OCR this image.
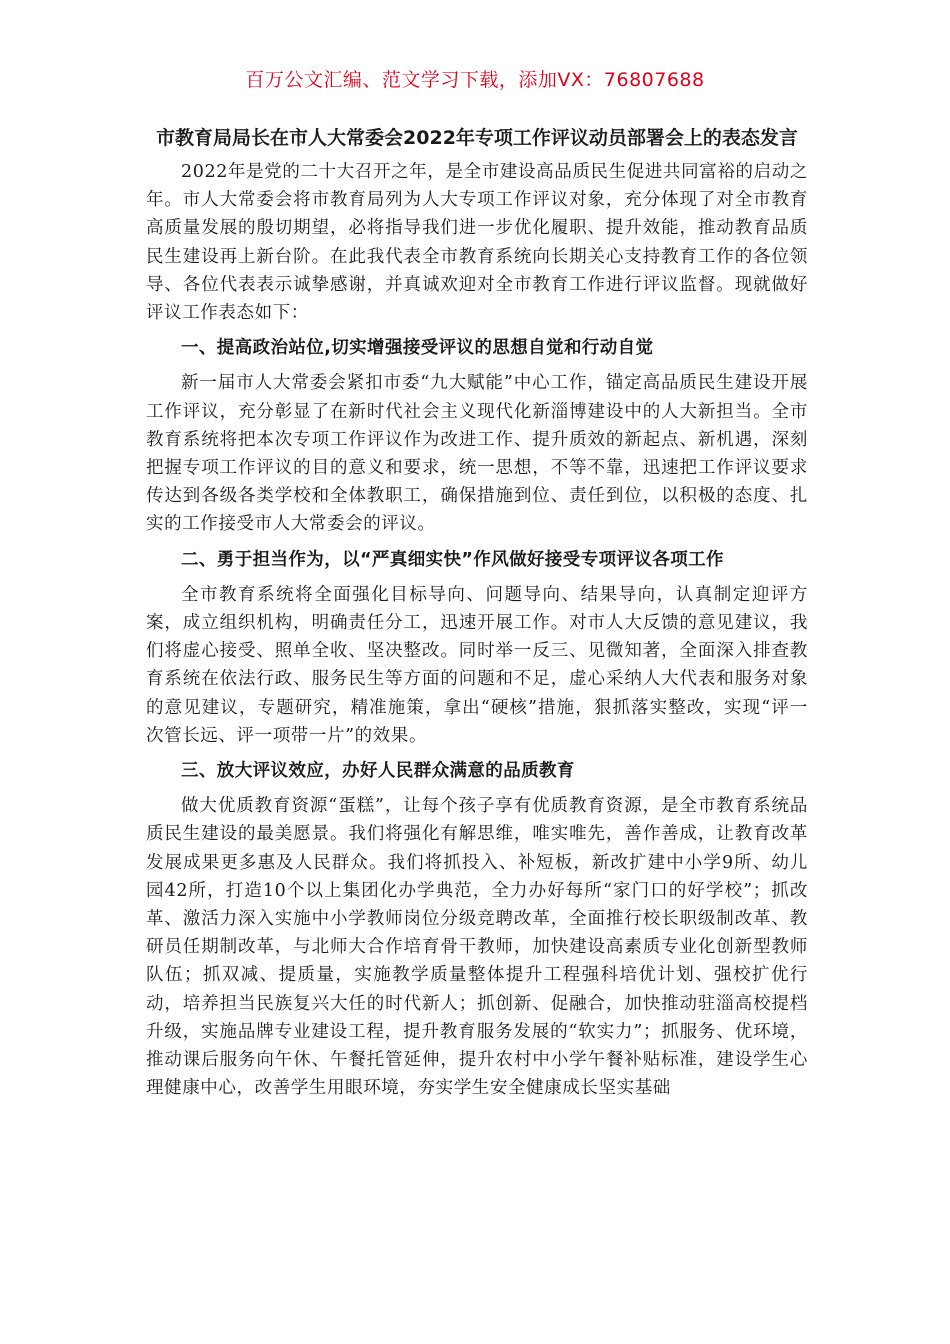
百万公文汇编、范文学习下载，添加VX：76807688
市教育局局长在市人大常委会2022年专项工作评议动员部署会上的表态发言

2022年是党的二十大召开之年，是全市建设高品质民生促进共同富裕的启动之年。市人大常委会将市教育局列为人大专项工作评议对象，充分体现了对全市教育高质量发展的殷切期望，必将指导我们进一步优化履职、提升效能，推动教育品质民生建设再上新台阶。在此我代表全市教育系统向长期关心支持教育工作的各位领导、各位代表表示诚挚感谢，并真诚欢迎对全市教育工作进行评议监督。现就做好评议工作表态如下：

一、提高政治站位,切实增强接受评议的思想自觉和行动自觉

新一届市人大常委会紧扣市委“九大赋能”中心工作，锚定高品质民生建设开展工作评议，充分彰显了在新时代社会主义现代化新淄博建设中的人大新担当。全市教育系统将把本次专项工作评议作为改进工作、提升质效的新起点、新机遇，深刻把握专项工作评议的目的意义和要求，统一思想，不等不靠，迅速把工作评议要求传达到各级各类学校和全体教职工，确保措施到位、责任到位，以积极的态度、扎实的工作接受市人大常委会的评议。

二、勇于担当作为，以“严真细实快”作风做好接受专项评议各项工作

全市教育系统将全面强化目标导向、问题导向、结果导向，认真制定迎评方案，成立组织机构，明确责任分工，迅速开展工作。对市人大反馈的意见建议，我们将虚心接受、照单全收、坚决整改。同时举一反三、见微知著，全面深入排查教育系统在依法行政、服务民生等方面的问题和不足，虚心采纳人大代表和服务对象的意见建议，专题研究，精准施策，拿出“硬核”措施，狠抓落实整改，实现“评一次管长远、评一项带一片”的效果。

三、放大评议效应，办好人民群众满意的品质教育

做大优质教育资源“蛋糕”，让每个孩子享有优质教育资源，是全市教育系统品质民生建设的最美愿景。我们将强化有解思维，唯实唯先，善作善成，让教育改革发展成果更多惠及人民群众。我们将抓投入、补短板，新改扩建中小学9所、幼儿园42所，打造10个以上集团化办学典范，全力办好每所“家门口的好学校”；抓改革、激活力深入实施中小学教师岗位分级竞聘改革，全面推行校长职级制改革、教研员任期制改革，与北师大合作培育骨干教师，加快建设高素质专业化创新型教师队伍；抓双减、提质量，实施教学质量整体提升工程强科培优计划、强校扩优行动，培养担当民族复兴大任的时代新人；抓创新、促融合，加快推动驻淄高校提档升级，实施品牌专业建设工程，提升教育服务发展的“软实力”；抓服务、优环境，推动课后服务向午休、午餐托管延伸，提升农村中小学午餐补贴标准，建设学生心理健康中心，改善学生用眼环境，夯实学生安全健康成长坚实基础
